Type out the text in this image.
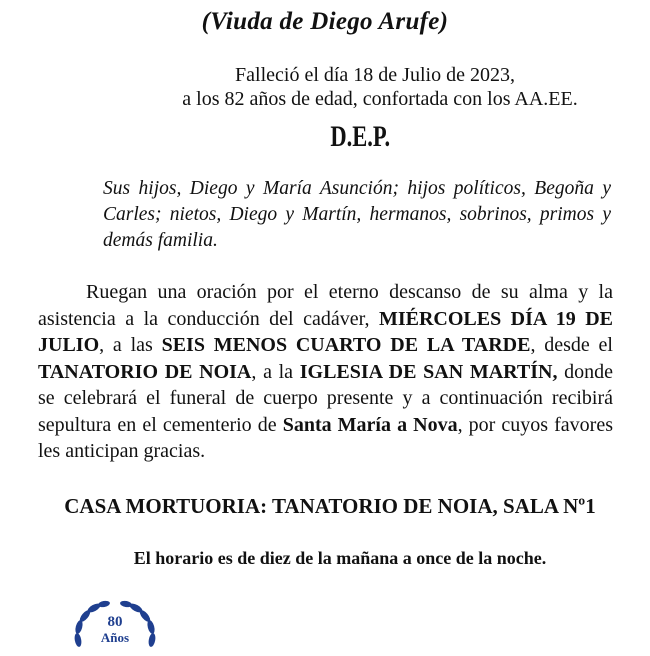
(Viuda de Diego Arufe)

Falleció el día 18 de Julio de 2023,

a los 82 años de edad, confortada con los AA.EE.

D.E.P.

Sus hijos, Diego y María Asunción; hijos políticos, Begoña y Carles; nietos, Diego y Martín, hermanos, sobrinos, primos y demás familia.

Ruegan una oración por el eterno descanso de su alma y la asistencia a la conducción del cadáver, MIÉRCOLES DÍA 19 DE JULIO, a las SEIS MENOS CUARTO DE LA TARDE, desde el TANATORIO DE NOIA, a la IGLESIA DE SAN MARTÍN, donde se celebrará el funeral de cuerpo presente y a continuación recibirá sepultura en el cementerio de Santa María a Nova, por cuyos favores les anticipan gracias.

CASA MORTUORIA: TANATORIO DE NOIA, SALA Nº1

El horario es de diez de la mañana a once de la noche.

80
Años
